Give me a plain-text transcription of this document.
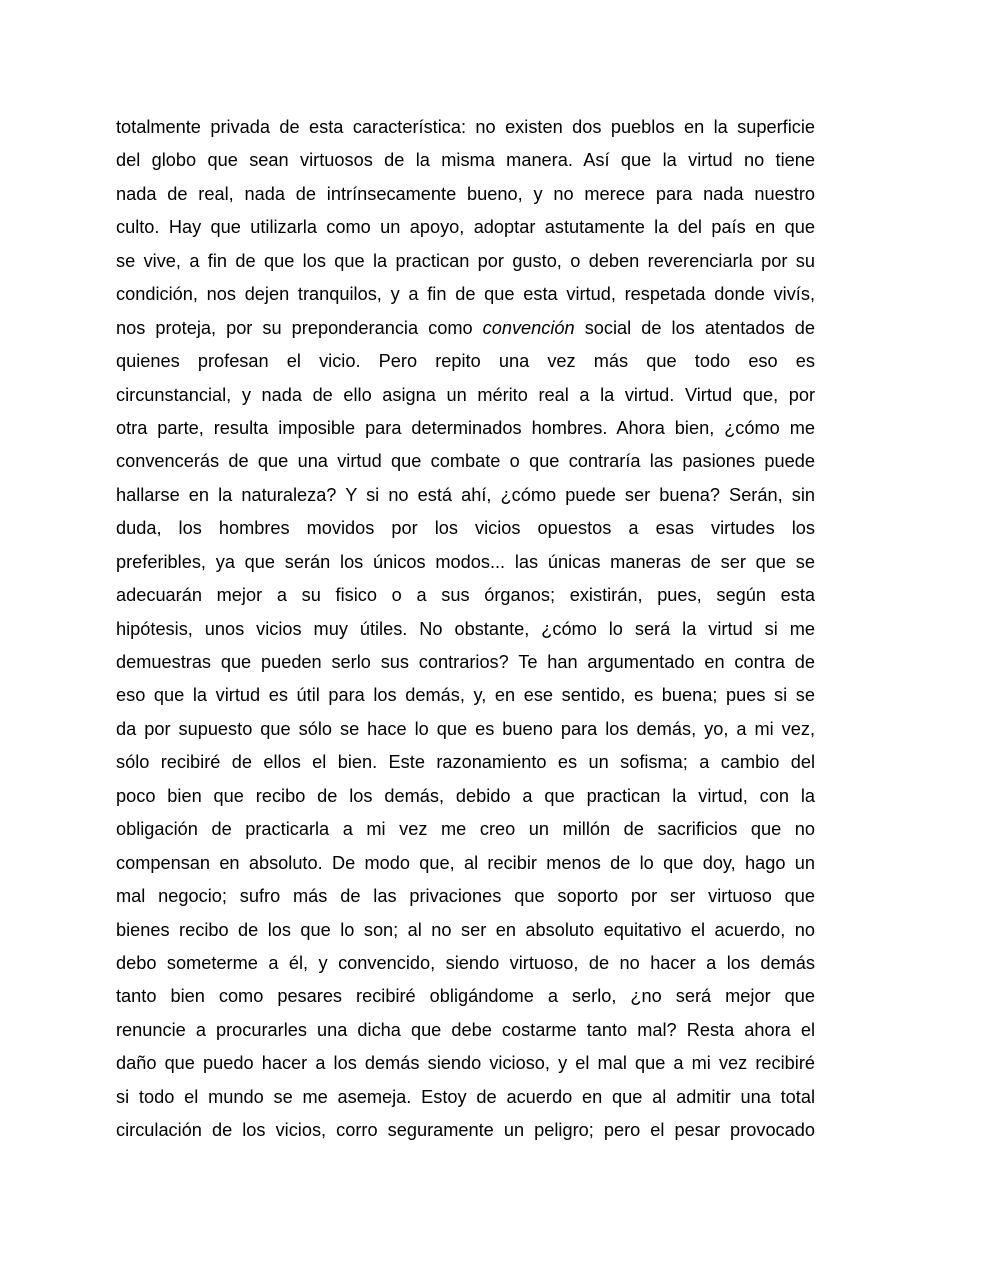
totalmente privada de esta característica: no existen dos pueblos en la superficie
del globo que sean virtuosos de la misma manera. Así que la virtud no tiene
nada de real, nada de intrínsecamente bueno, y no merece para nada nuestro
culto. Hay que utilizarla como un apoyo, adoptar astutamente la del país en que
se vive, a fin de que los que la practican por gusto, o deben reverenciarla por su
condición, nos dejen tranquilos, y a fin de que esta virtud, respetada donde vivís,
nos proteja, por su preponderancia como convención social de los atentados de
quienes profesan el vicio. Pero repito una vez más que todo eso es
circunstancial, y nada de ello asigna un mérito real a la virtud. Virtud que, por
otra parte, resulta imposible para determinados hombres. Ahora bien, ¿cómo me
convencerás de que una virtud que combate o que contraría las pasiones puede
hallarse en la naturaleza? Y si no está ahí, ¿cómo puede ser buena? Serán, sin
duda, los hombres movidos por los vicios opuestos a esas virtudes los
preferibles, ya que serán los únicos modos... las únicas maneras de ser que se
adecuarán mejor a su fisico o a sus órganos; existirán, pues, según esta
hipótesis, unos vicios muy útiles. No obstante, ¿cómo lo será la virtud si me
demuestras que pueden serlo sus contrarios? Te han argumentado en contra de
eso que la virtud es útil para los demás, y, en ese sentido, es buena; pues si se
da por supuesto que sólo se hace lo que es bueno para los demás, yo, a mi vez,
sólo recibiré de ellos el bien. Este razonamiento es un sofisma; a cambio del
poco bien que recibo de los demás, debido a que practican la virtud, con la
obligación de practicarla a mi vez me creo un millón de sacrificios que no
compensan en absoluto. De modo que, al recibir menos de lo que doy, hago un
mal negocio; sufro más de las privaciones que soporto por ser virtuoso que
bienes recibo de los que lo son; al no ser en absoluto equitativo el acuerdo, no
debo someterme a él, y convencido, siendo virtuoso, de no hacer a los demás
tanto bien como pesares recibiré obligándome a serlo, ¿no será mejor que
renuncie a procurarles una dicha que debe costarme tanto mal? Resta ahora el
daño que puedo hacer a los demás siendo vicioso, y el mal que a mi vez recibiré
si todo el mundo se me asemeja. Estoy de acuerdo en que al admitir una total
circulación de los vicios, corro seguramente un peligro; pero el pesar provocado
